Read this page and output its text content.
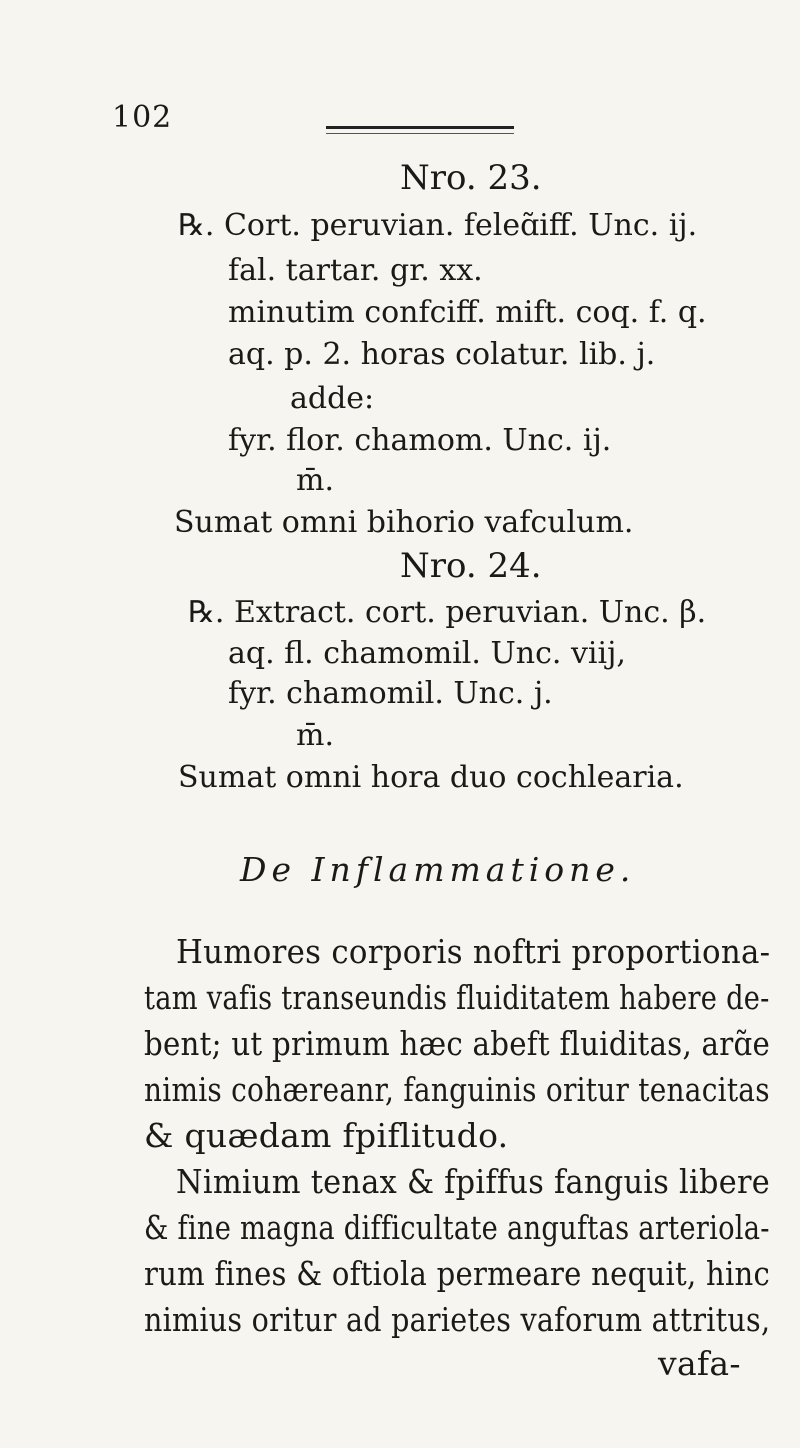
102
Nro. 23.
℞. Cort. peruvian. feleɑ̃iff. Unc. ij.
fal. tartar. gr. xx.
minutim confciff. mift. coq. f. q.
aq. p. 2. horas colatur. lib. j.
adde:
fyr. flor. chamom. Unc. ij.
m̄.
Sumat omni bihorio vafculum.
Nro. 24.
℞. Extract. cort. peruvian. Unc. β.
aq. fl. chamomil. Unc. viij,
fyr. chamomil. Unc. j.
m̄.
Sumat omni hora duo cochlearia.
De Inflammatione.
Humores corporis noftri proportiona-
tam vafis transeundis fluiditatem habere de-
bent; ut primum hæc abeft fluiditas, arɑ̃e
nimis cohæreanr, fanguinis oritur tenacitas
& quædam fpiflitudo.
Nimium tenax & fpiffus fanguis libere
& fine magna difficultate anguftas arteriola-
rum fines & oftiola permeare nequit, hinc
nimius oritur ad parietes vaforum attritus,
vafa-
